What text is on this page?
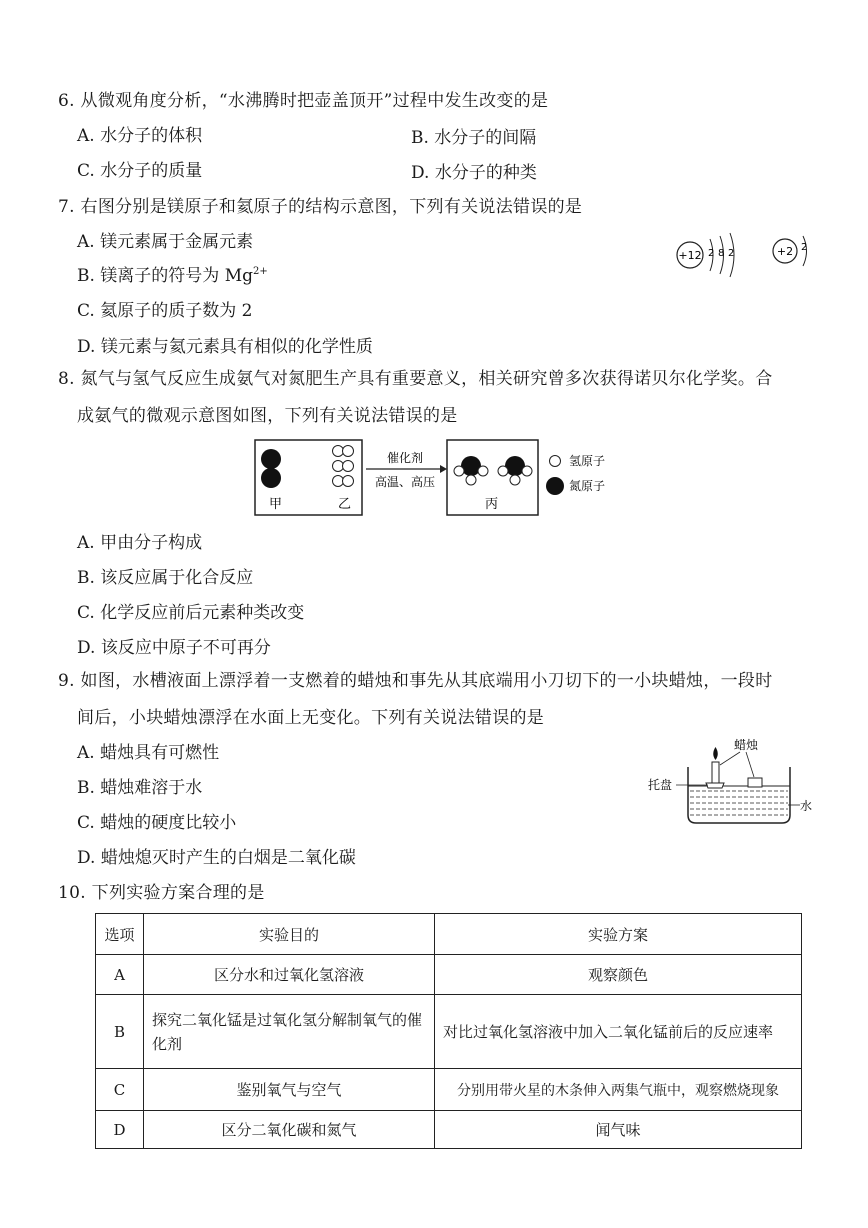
6. 从微观角度分析，“水沸腾时把壶盖顶开”过程中发生改变的是
A. 水分子的体积	B. 水分子的间隔
C. 水分子的质量	D. 水分子的种类
7. 右图分别是镁原子和氦原子的结构示意图，下列有关说法错误的是
A. 镁元素属于金属元素
B. 镁离子的符号为 $Mg^{2+}$
C. 氦原子的质子数为 2
D. 镁元素与氦元素具有相似的化学性质
+12 2 8 2	+2 2
8. 氮气与氢气反应生成氨气对氮肥生产具有重要意义，相关研究曾多次获得诺贝尔化学奖。合
成氨气的微观示意图如图，下列有关说法错误的是
甲	乙
催化剂
高温、高压
丙
氢原子
氮原子
A. 甲由分子构成
B. 该反应属于化合反应
C. 化学反应前后元素种类改变
D. 该反应中原子不可再分
9. 如图，水槽液面上漂浮着一支燃着的蜡烛和事先从其底端用小刀切下的一小块蜡烛，一段时
间后，小块蜡烛漂浮在水面上无变化。下列有关说法错误的是
A. 蜡烛具有可燃性
B. 蜡烛难溶于水
C. 蜡烛的硬度比较小
D. 蜡烛熄灭时产生的白烟是二氧化碳
蜡烛
托盘
水
10. 下列实验方案合理的是
选项	实验目的	实验方案
A	区分水和过氧化氢溶液	观察颜色
B	探究二氧化锰是过氧化氢分解制氧气的催化剂	对比过氧化氢溶液中加入二氧化锰前后的反应速率
C	鉴别氧气与空气	分别用带火星的木条伸入两集气瓶中，观察燃烧现象
D	区分二氧化碳和氮气	闻气味
